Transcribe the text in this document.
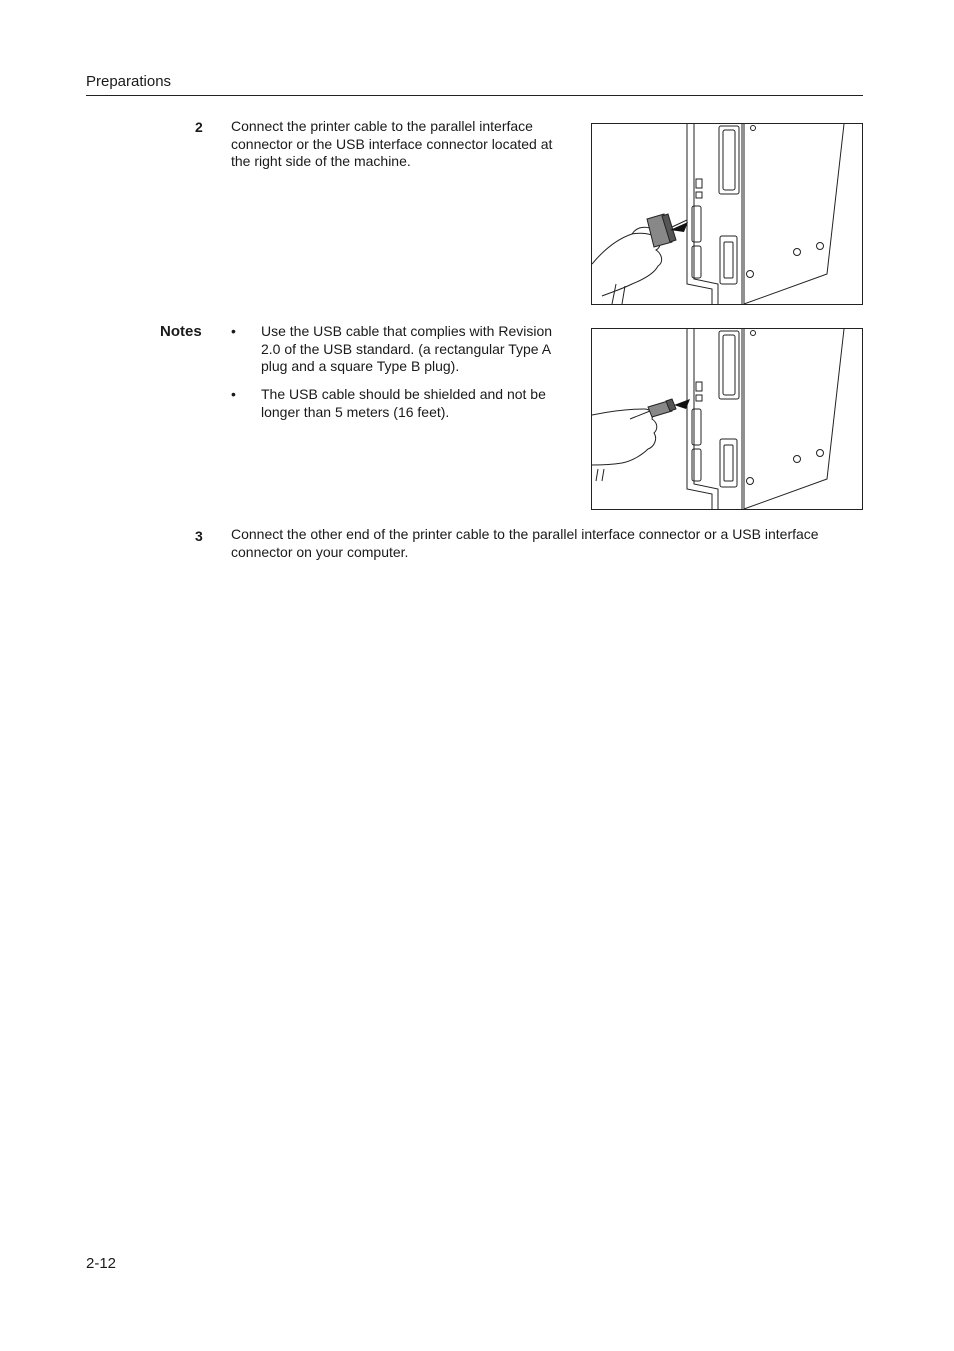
Preparations
2 Connect the printer cable to the parallel interface connector or the USB interface connector located at the right side of the machine.
Notes • Use the USB cable that complies with Revision 2.0 of the USB standard. (a rectangular Type A plug and a square Type B plug).
• The USB cable should be shielded and not be longer than 5 meters (16 feet).
3 Connect the other end of the printer cable to the parallel interface connector or a USB interface connector on your computer.
2-12
